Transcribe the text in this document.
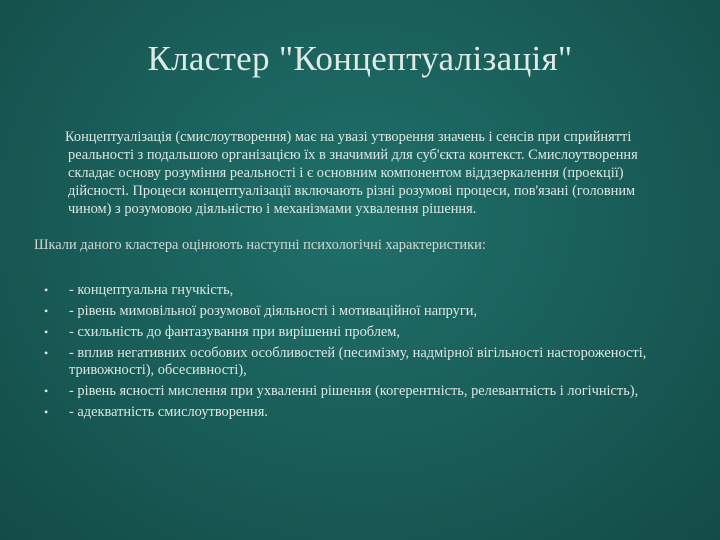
Кластер "Концептуалізація"

Концептуалізація (смислоутворення) має на увазі утворення значень і сенсів при сприйнятті реальності з подальшою організацією їх в значимий для суб'єкта контекст. Смислоутворення складає основу розуміння реальності і є основним компонентом віддзеркалення (проекції) дійсності. Процеси концептуалізації включають різні розумові процеси, пов'язані (головним чином) з розумовою діяльністю і механізмами ухвалення рішення.

Шкали даного кластера оцінюють наступні психологічні характеристики:

• - концептуальна гнучкість,
• - рівень мимовільної розумової діяльності і мотиваційної напруги,
• - схильність до фантазування при вирішенні проблем,
• - вплив негативних особових особливостей (песимізму, надмірної вігільності настороженості, тривожності), обсесивності),
• - рівень ясності мислення при ухваленні рішення (когерентність, релевантність і логічність),
• - адекватність смислоутворення.
